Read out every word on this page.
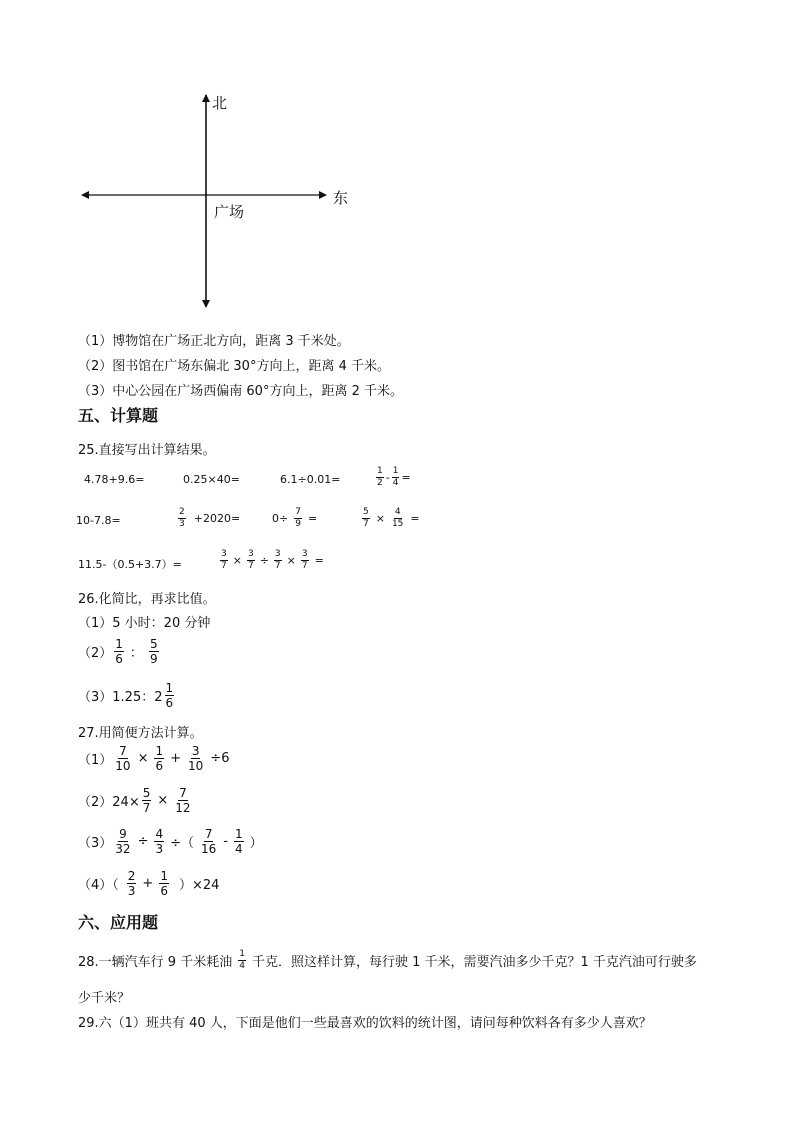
北
东
广场
（1）博物馆在广场正北方向，距离 3 千米处。
（2）图书馆在广场东偏北 30°方向上，距离 4 千米。
（3）中心公园在广场西偏南 60°方向上，距离 2 千米。
五、计算题
25.直接写出计算结果。
4.78+9.6=	0.25×40=	6.1÷0.01=	$\frac{1}{2} - \frac{1}{4}$ =
10-7.8=	$\frac{2}{3} +2020=$	$0\div \frac{7}{9}$ =	$\frac{5}{7} \times \frac{4}{15}$ =
11.5-（0.5+3.7）=	$\frac{3}{7} \times \frac{3}{7} \div \frac{3}{7} \times \frac{3}{7}$ =
26.化简比，再求比值。
（1）5 小时：20 分钟
$(2) \frac{1}{6}$ ： $\frac{5}{9}$
（3）1.25：$2 \frac{1}{6}$
27.用简便方法计算。
$(1) \frac{7}{10} \times \frac{1}{6} + \frac{3}{10} \div 6$
$(2)24\times \frac{5}{7} \times \frac{7}{12}$
$(3) \frac{9}{32} \div \frac{4}{3}$ ÷（ $\frac{7}{16} - \frac{1}{4}$ ）
$(4)( \frac{2}{3} + \frac{1}{6} )\times 24$
六、应用题
28.一辆汽车行 9 千米耗油 $\frac{1}{4}$ 千克．照这样计算，每行驶 1 千米，需要汽油多少千克？1 千克汽油可行驶多
少千米？
29.六（1）班共有 40 人，下面是他们一些最喜欢的饮料的统计图，请问每种饮料各有多少人喜欢？
